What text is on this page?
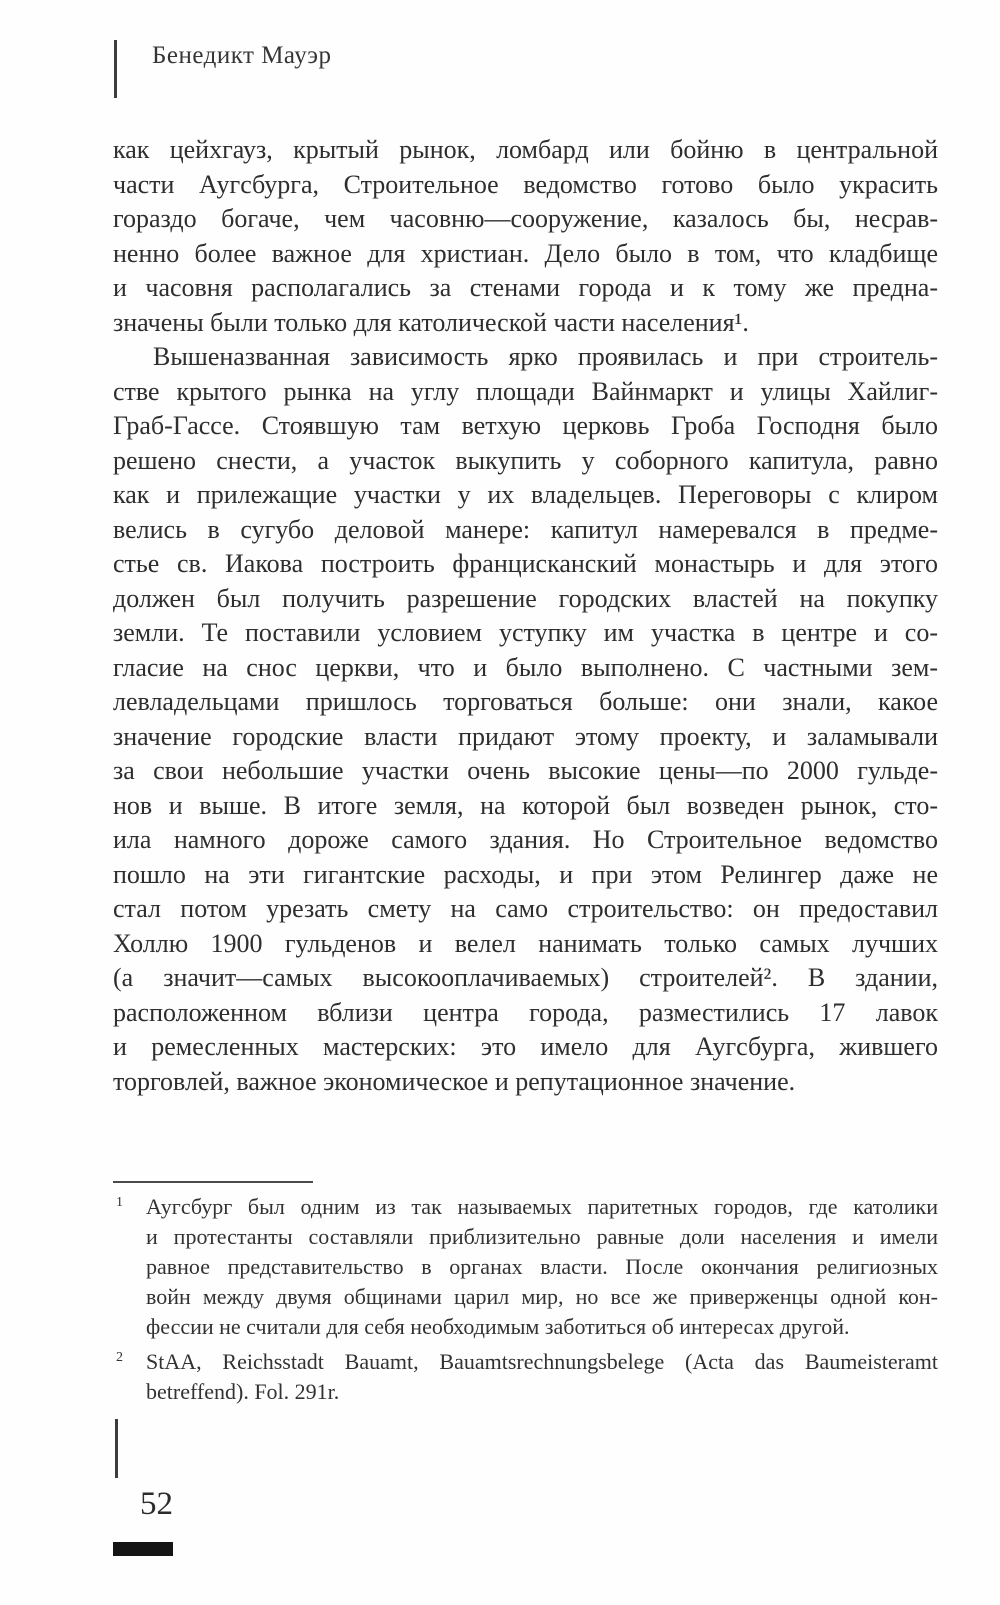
Бенедикт Мауэр
как цейхгауз, крытый рынок, ломбард или бойню в центральной
части Аугсбурга, Строительное ведомство готово было украсить
гораздо богаче, чем часовню—сооружение, казалось бы, несрав-
ненно более важное для христиан. Дело было в том, что кладбище
и часовня располагались за стенами города и к тому же предна-
значены были только для католической части населения¹.
Вышеназванная зависимость ярко проявилась и при строитель-
стве крытого рынка на углу площади Вайнмаркт и улицы Хайлиг-
Граб-Гассе. Стоявшую там ветхую церковь Гроба Господня было
решено снести, а участок выкупить у соборного капитула, равно
как и прилежащие участки у их владельцев. Переговоры с клиром
велись в сугубо деловой манере: капитул намеревался в предме-
стье св. Иакова построить францисканский монастырь и для этого
должен был получить разрешение городских властей на покупку
земли. Те поставили условием уступку им участка в центре и со-
гласие на снос церкви, что и было выполнено. С частными зем-
левладельцами пришлось торговаться больше: они знали, какое
значение городские власти придают этому проекту, и заламывали
за свои небольшие участки очень высокие цены—по 2000 гульде-
нов и выше. В итоге земля, на которой был возведен рынок, сто-
ила намного дороже самого здания. Но Строительное ведомство
пошло на эти гигантские расходы, и при этом Релингер даже не
стал потом урезать смету на само строительство: он предоставил
Холлю 1900 гульденов и велел нанимать только самых лучших
(а значит—самых высокооплачиваемых) строителей². В здании,
расположенном вблизи центра города, разместились 17 лавок
и ремесленных мастерских: это имело для Аугсбурга, жившего
торговлей, важное экономическое и репутационное значение.
1 Аугсбург был одним из так называемых паритетных городов, где католики
и протестанты составляли приблизительно равные доли населения и имели
равное представительство в органах власти. После окончания религиозных
войн между двумя общинами царил мир, но все же приверженцы одной кон-
фессии не считали для себя необходимым заботиться об интересах другой.
2 StAA, Reichsstadt Bauamt, Bauamtsrechnungsbelege (Acta das Baumeisteramt
betreffend). Fol. 291r.
52
